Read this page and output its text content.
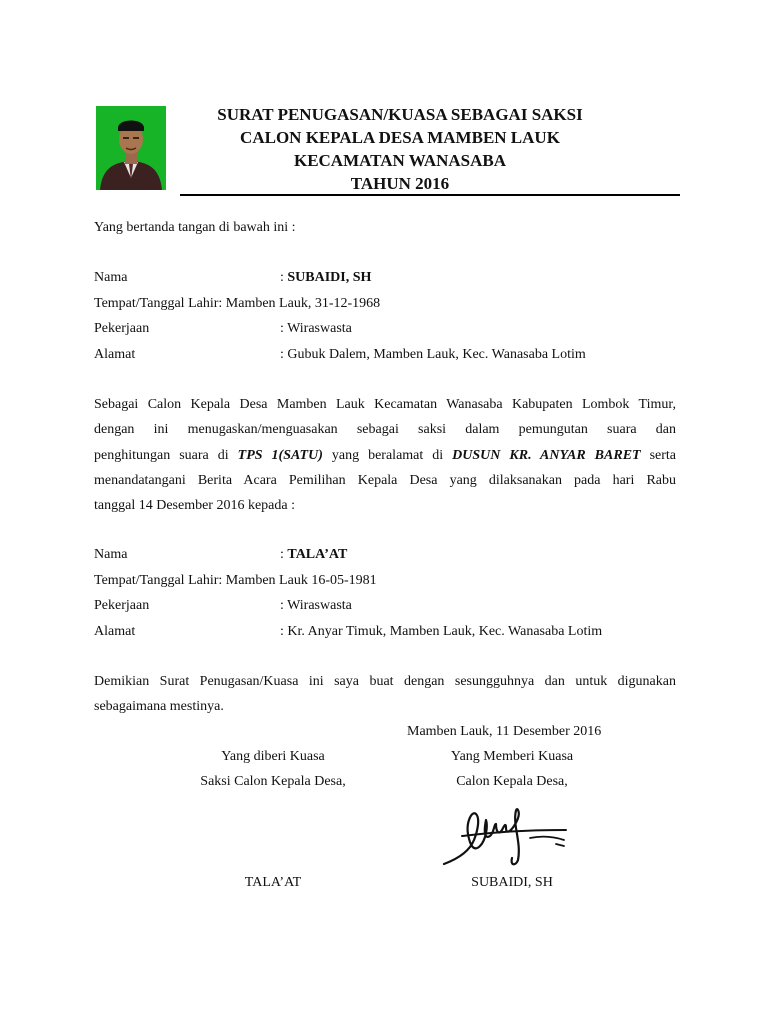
SURAT PENUGASAN/KUASA SEBAGAI SAKSI
CALON KEPALA DESA MAMBEN LAUK
KECAMATAN WANASABA
TAHUN 2016
Yang bertanda tangan di bawah ini :
Nama	: SUBAIDI, SH
Tempat/Tanggal Lahir: Mamben Lauk, 31-12-1968
Pekerjaan	: Wiraswasta
Alamat	: Gubuk Dalem, Mamben Lauk, Kec. Wanasaba Lotim
Sebagai Calon Kepala Desa Mamben Lauk Kecamatan Wanasaba Kabupaten Lombok Timur,
dengan ini menugaskan/menguasakan sebagai saksi dalam pemungutan suara dan
penghitungan suara di TPS 1(SATU) yang beralamat di DUSUN KR. ANYAR BARET serta
menandatangani Berita Acara Pemilihan Kepala Desa yang dilaksanakan pada hari Rabu
tanggal 14 Desember 2016 kepada :
Nama	: TALA’AT
Tempat/Tanggal Lahir: Mamben Lauk 16-05-1981
Pekerjaan	: Wiraswasta
Alamat	: Kr. Anyar Timuk, Mamben Lauk, Kec. Wanasaba Lotim
Demikian Surat Penugasan/Kuasa ini saya buat dengan sesungguhnya dan untuk digunakan
sebagaimana mestinya.
Mamben Lauk, 11 Desember 2016
Yang diberi Kuasa
Saksi Calon Kepala Desa,
Yang Memberi Kuasa
Calon Kepala Desa,
TALA’AT	SUBAIDI, SH
